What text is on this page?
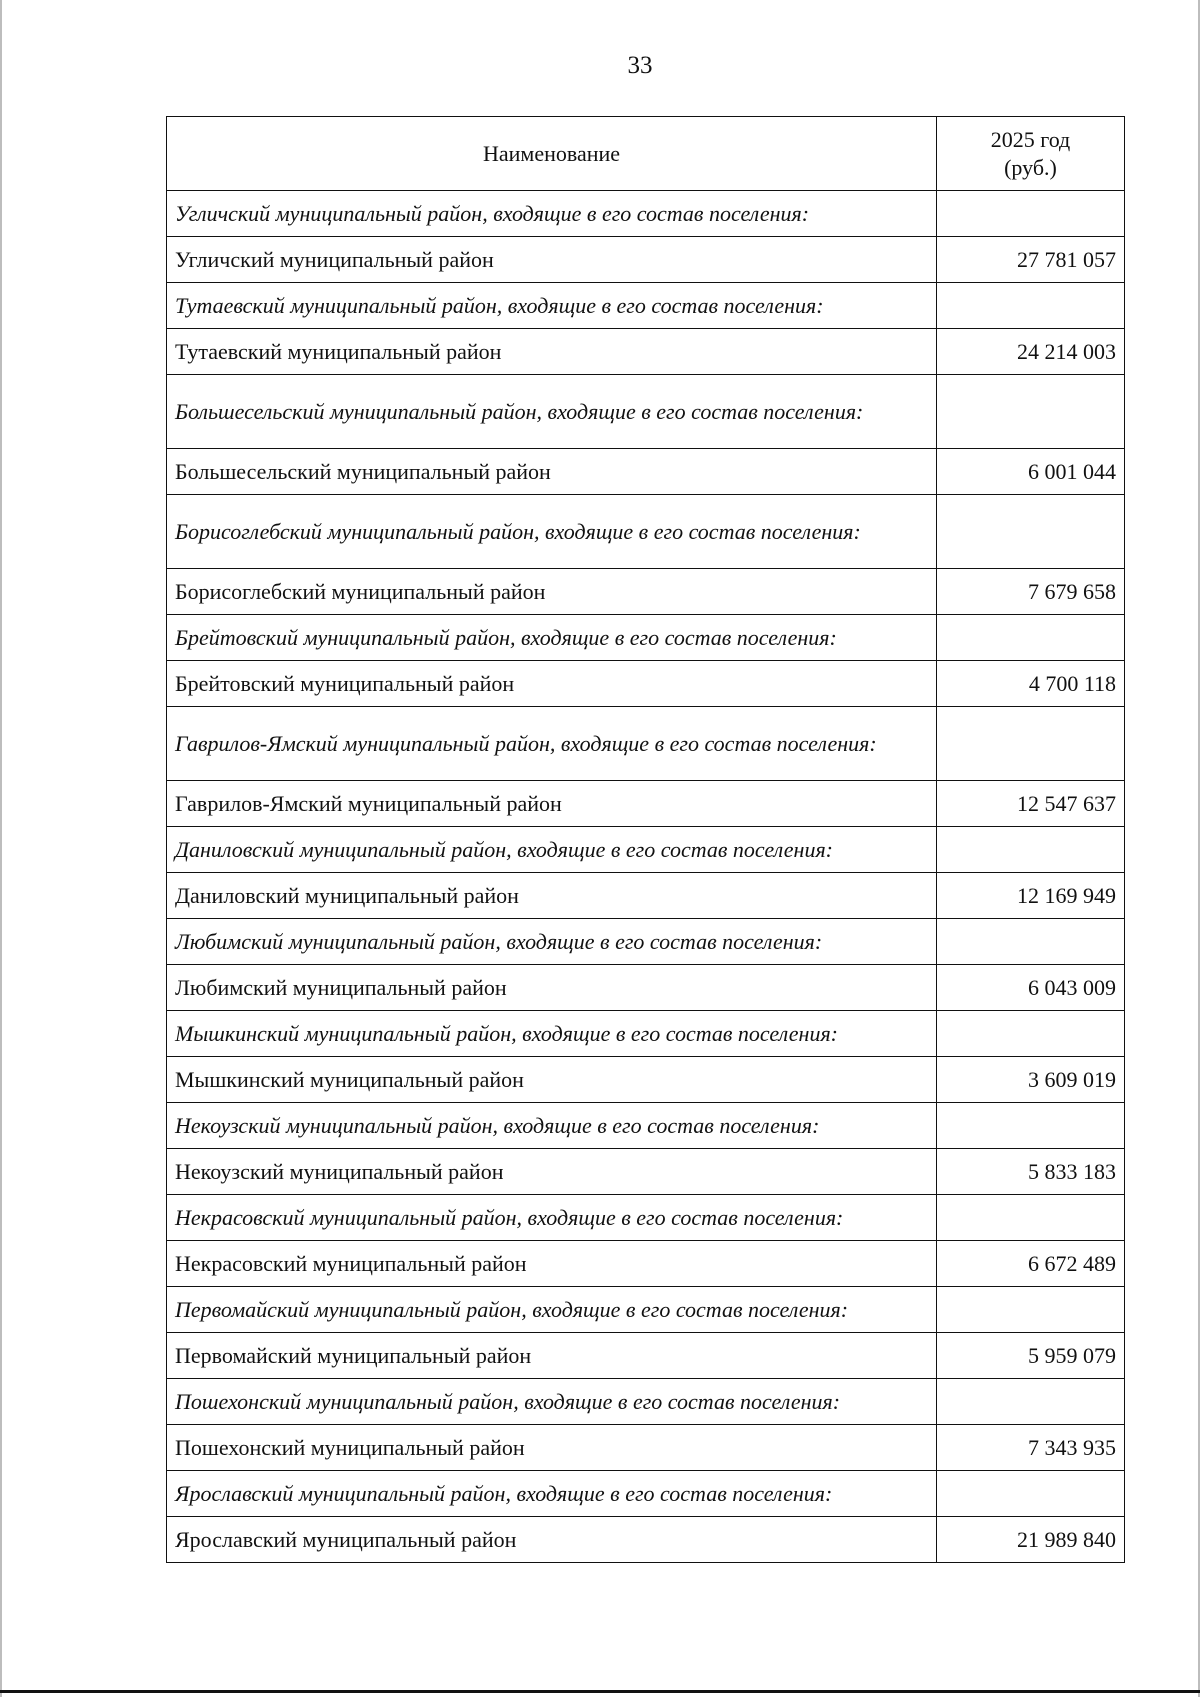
33
Наименование	2025 год
(руб.)

Угличский муниципальный район, входящие в его состав поселения:	
Угличский муниципальный район	27 781 057
Тутаевский муниципальный район, входящие в его состав поселения:	
Тутаевский муниципальный район	24 214 003
Большесельский муниципальный район, входящие в его состав поселения:	
Большесельский муниципальный район	6 001 044
Борисоглебский муниципальный район, входящие в его состав поселения:	
Борисоглебский муниципальный район	7 679 658
Брейтовский муниципальный район, входящие в его состав поселения:	
Брейтовский муниципальный район	4 700 118
Гаврилов-Ямский муниципальный район, входящие в его состав поселения:	
Гаврилов-Ямский муниципальный район	12 547 637
Даниловский муниципальный район, входящие в его состав поселения:	
Даниловский муниципальный район	12 169 949
Любимский муниципальный район, входящие в его состав поселения:	
Любимский муниципальный район	6 043 009
Мышкинский муниципальный район, входящие в его состав поселения:	
Мышкинский муниципальный район	3 609 019
Некоузский муниципальный район, входящие в его состав поселения:	
Некоузский муниципальный район	5 833 183
Некрасовский муниципальный район, входящие в его состав поселения:	
Некрасовский муниципальный район	6 672 489
Первомайский муниципальный район, входящие в его состав поселения:	
Первомайский муниципальный район	5 959 079
Пошехонский муниципальный район, входящие в его состав поселения:	
Пошехонский муниципальный район	7 343 935
Ярославский муниципальный район, входящие в его состав поселения:	
Ярославский муниципальный район	21 989 840
